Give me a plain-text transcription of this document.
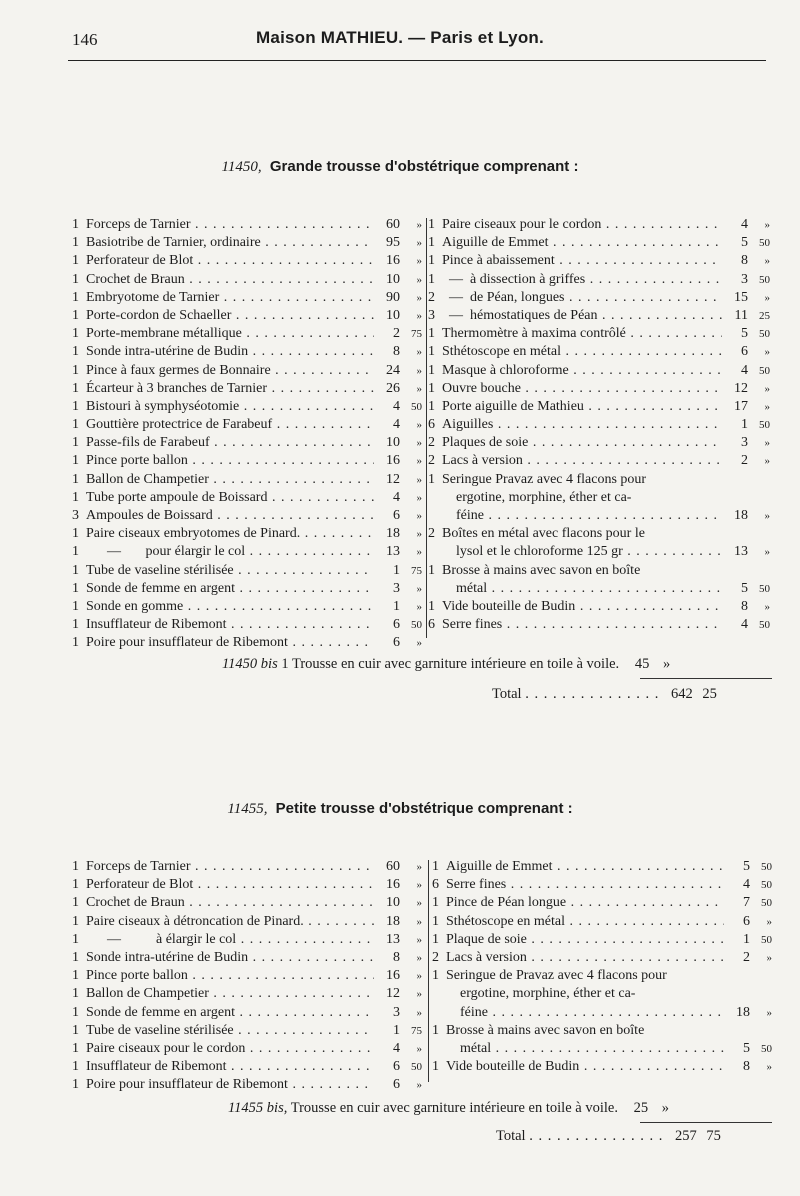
146	Maison MATHIEU. — Paris et Lyon.
11450, Grande trousse d'obstétrique comprenant :
1 Forceps de Tarnier . . .	60	»
1 Basiotribe de Tarnier, ordinaire . . .	95	»
1 Perforateur de Blot . . .	16	»
1 Crochet de Braun . . .	10	»
1 Embryotome de Tarnier . . .	90	»
1 Porte-cordon de Schaeller . . .	10	»
1 Porte-membrane métallique . . .	2	75
1 Sonde intra-utérine de Budin . . .	8	»
1 Pince à faux germes de Bonnaire . . .	24	»
1 Écarteur à 3 branches de Tarnier . . .	26	»
1 Bistouri à symphyséotomie . . .	4	50
1 Gouttière protectrice de Farabeuf . . .	4	»
1 Passe-fils de Farabeuf . . .	10	»
1 Pince porte ballon . . .	16	»
1 Ballon de Champetier . . .	12	»
1 Tube porte ampoule de Boissard . . .	4	»
3 Ampoules de Boissard . . .	6	»
1 Paire ciseaux embryotomes de Pinard. . . .	18	»
1 —       pour élargir le col . . .	13	»
1 Tube de vaseline stérilisée . . .	1	75
1 Sonde de femme en argent . . .	3	»
1 Sonde en gomme . . .	1	»
1 Insufflateur de Ribemont . . .	6	50
1 Poire pour insufflateur de Ribemont . . .	6	»
1 Paire ciseaux pour le cordon . . .	4	»
1 Aiguille de Emmet . . .	5	50
1 Pince à abaissement . . .	8	»
1 —  à dissection à griffes . . .	3	50
2 —  de Péan, longues . . .	15	»
3 —  hémostatiques de Péan . . .	11	25
1 Thermomètre à maxima contrôlé . . .	5	50
1 Sthétoscope en métal . . .	6	»
1 Masque à chloroforme . . .	4	50
1 Ouvre bouche . . .	12	»
1 Porte aiguille de Mathieu . . .	17	»
6 Aiguilles . . .	1	50
2 Plaques de soie . . .	3	»
2 Lacs à version . . .	2	»
1 Seringue Pravaz avec 4 flacons pour
ergotine, morphine, éther et ca-
féine . . .	18	»
2 Boîtes en métal avec flacons pour le
lysol et le chloroforme 125 gr . . .	13	»
1 Brosse à mains avec savon en boîte
métal . . .	5	50
1 Vide bouteille de Budin . . .	8	»
6 Serre fines . . .	4	50
11450 bis 1 Trousse en cuir avec garniture intérieure en toile à voile. 45 »
Total . . . . . . . . . . . . . . . 642 25
11455, Petite trousse d'obstétrique comprenant :
1 Forceps de Tarnier . . .	60	»
1 Perforateur de Blot . . .	16	»
1 Crochet de Braun . . .	10	»
1 Paire ciseaux à détroncation de Pinard. . . .	18	»
1 —          à élargir le col . . .	13	»
1 Sonde intra-utérine de Budin . . .	8	»
1 Pince porte ballon . . .	16	»
1 Ballon de Champetier . . .	12	»
1 Sonde de femme en argent . . .	3	»
1 Tube de vaseline stérilisée . . .	1	75
1 Paire ciseaux pour le cordon . . .	4	»
1 Insufflateur de Ribemont . . .	6	50
1 Poire pour insufflateur de Ribemont . . .	6	»
1 Aiguille de Emmet . . .	5	50
6 Serre fines . . .	4	50
1 Pince de Péan longue . . .	7	50
1 Sthétoscope en métal . . .	6	»
1 Plaque de soie . . .	1	50
2 Lacs à version . . .	2	»
1 Seringue de Pravaz avec 4 flacons pour
ergotine, morphine, éther et ca-
féine . . .	18	»
1 Brosse à mains avec savon en boîte
métal . . .	5	50
1 Vide bouteille de Budin . . .	8	»
11455 bis, Trousse en cuir avec garniture intérieure en toile à voile. 25 »
Total . . . . . . . . . . . . . . . 257 75
